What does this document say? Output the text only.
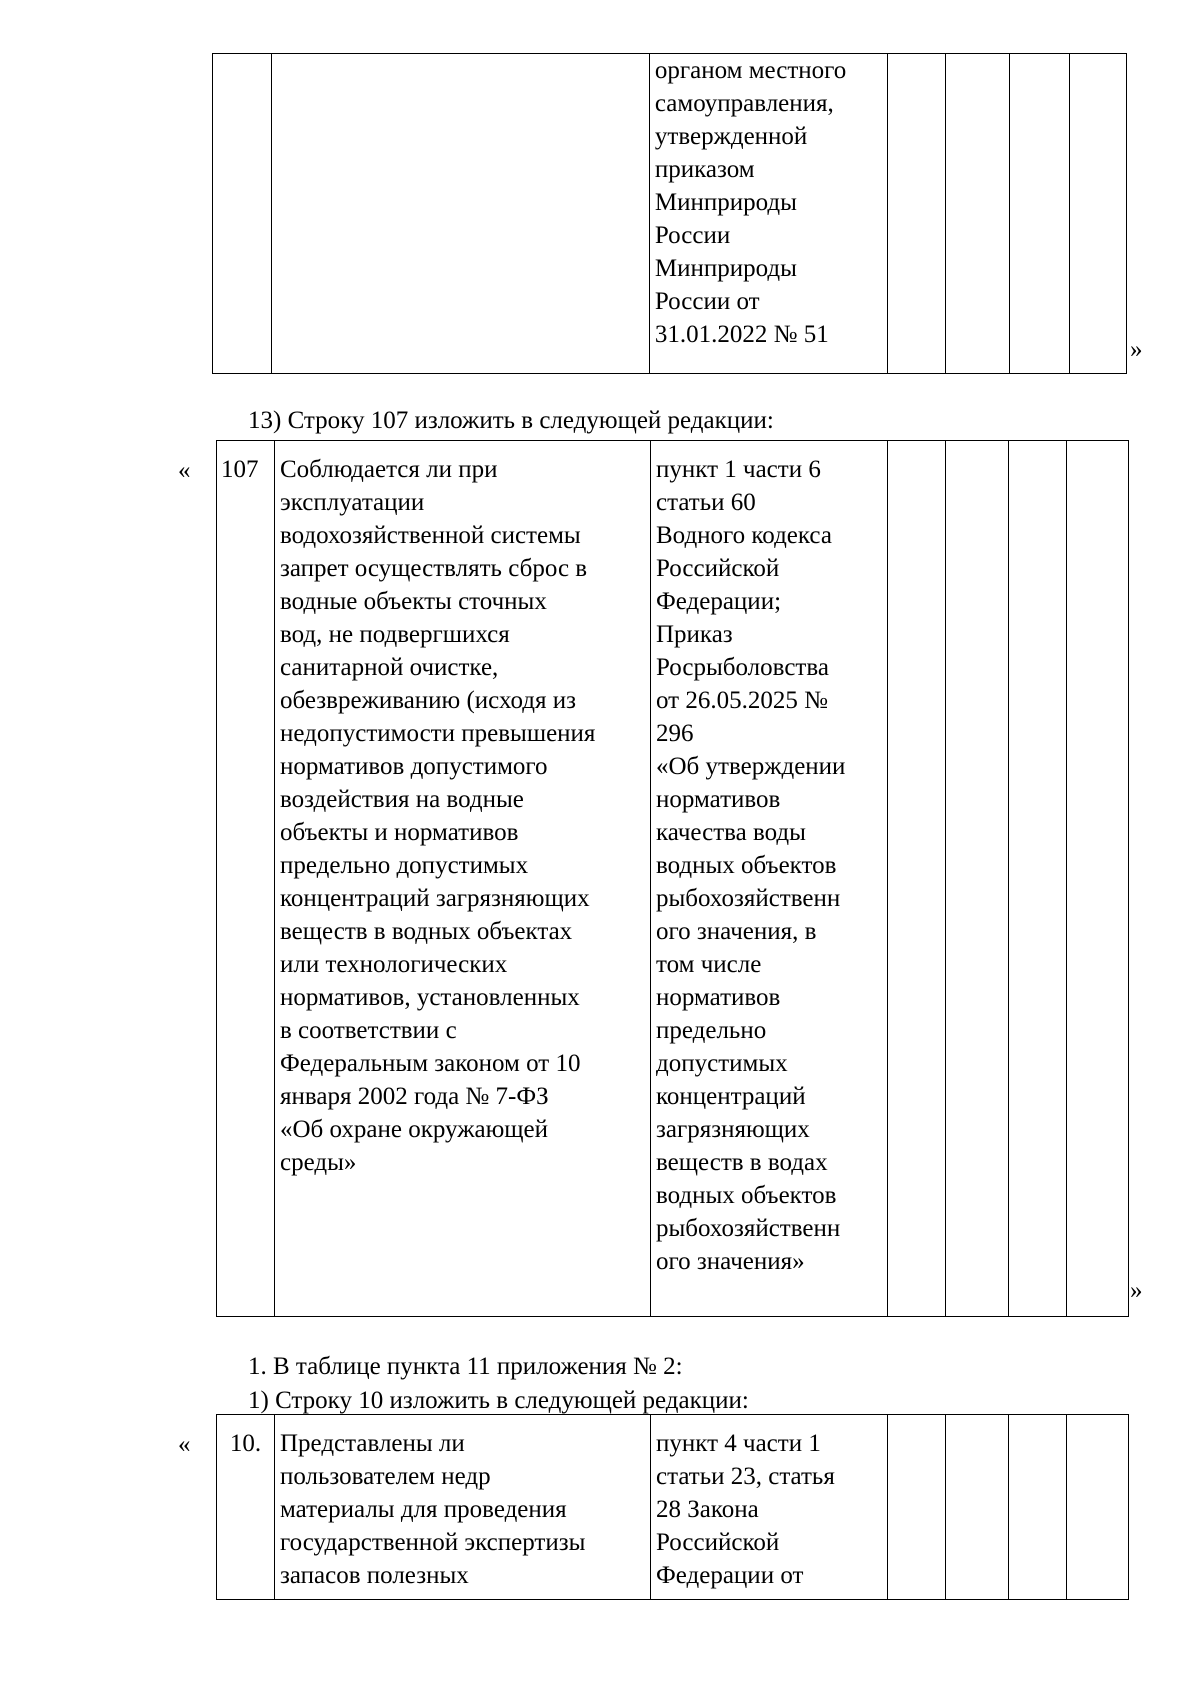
		органом местного
самоуправления,
утвержденной
приказом
Минприроды
России
Минприроды
России от
31.01.2022 № 51				
»
13) Строку 107 изложить в следующей редакции:
« 107	Соблюдается ли при
эксплуатации
водохозяйственной системы
запрет осуществлять сброс в
водные объекты сточных
вод, не подвергшихся
санитарной очистке,
обезвреживанию (исходя из
недопустимости превышения
нормативов допустимого
воздействия на водные
объекты и нормативов
предельно допустимых
концентраций загрязняющих
веществ в водных объектах
или технологических
нормативов, установленных
в соответствии с
Федеральным законом от 10
января 2002 года № 7-ФЗ
«Об охране окружающей
среды»	пункт 1 части 6
статьи 60
Водного кодекса
Российской
Федерации;
Приказ
Росрыболовства
от 26.05.2025 №
296
«Об утверждении
нормативов
качества воды
водных объектов
рыбохозяйственн
ого значения, в
том числе
нормативов
предельно
допустимых
концентраций
загрязняющих
веществ в водах
водных объектов
рыбохозяйственн
ого значения»				
»
1. В таблице пункта 11 приложения № 2:
1) Строку 10 изложить в следующей редакции:
« 10.	Представлены ли
пользователем недр
материалы для проведения
государственной экспертизы
запасов полезных	пункт 4 части 1
статьи 23, статья
28 Закона
Российской
Федерации от				
